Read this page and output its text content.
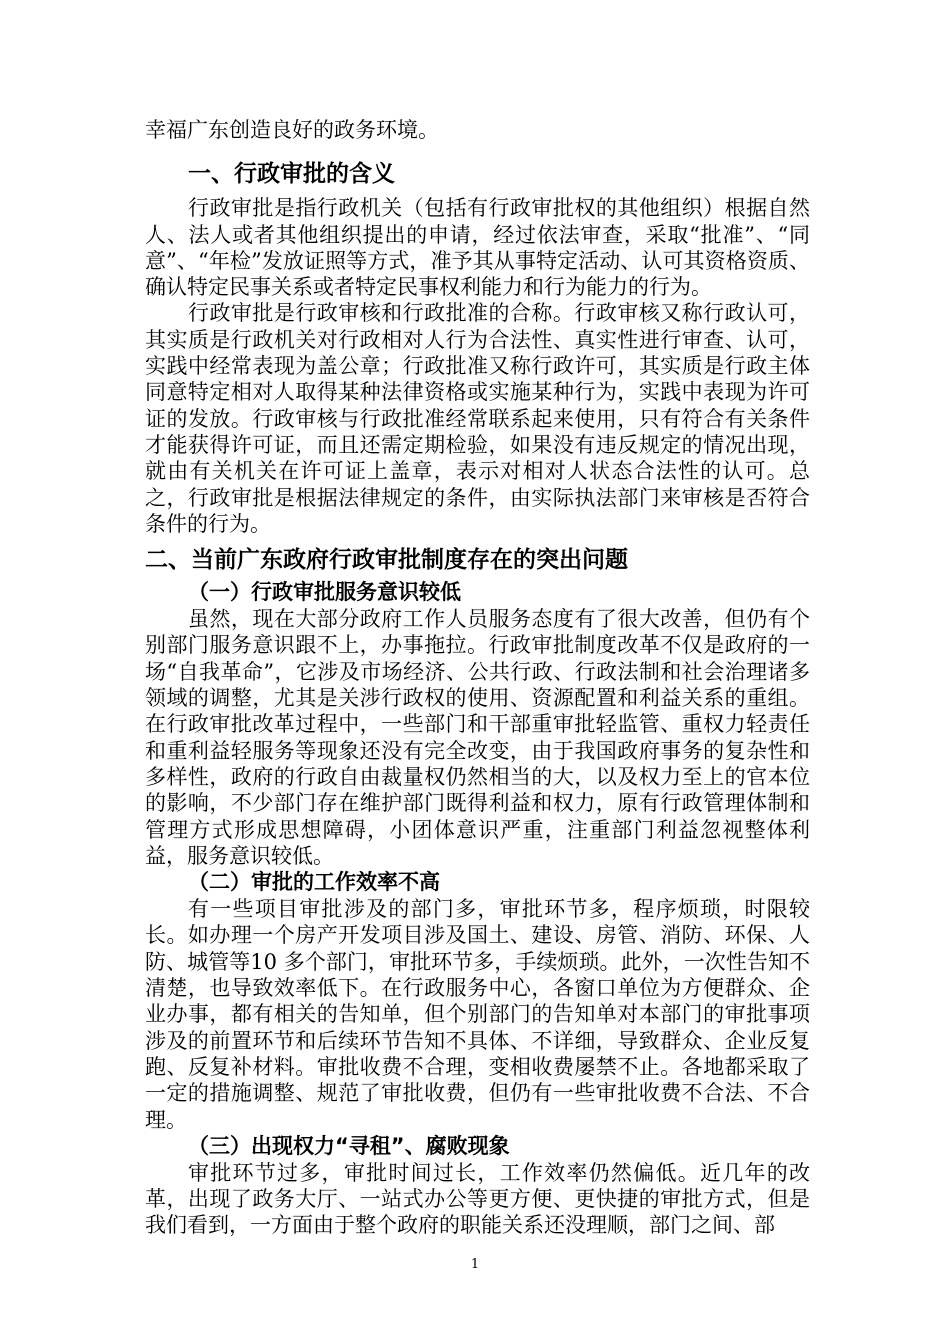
幸福广东创造良好的政务环境。

一、行政审批的含义

行政审批是指行政机关（包括有行政审批权的其他组织）根据自然人、法人或者其他组织提出的申请，经过依法审查，采取“批准”、“同意”、“年检”发放证照等方式，准予其从事特定活动、认可其资格资质、确认特定民事关系或者特定民事权利能力和行为能力的行为。

行政审批是行政审核和行政批准的合称。行政审核又称行政认可，其实质是行政机关对行政相对人行为合法性、真实性进行审查、认可，实践中经常表现为盖公章；行政批准又称行政许可，其实质是行政主体同意特定相对人取得某种法律资格或实施某种行为，实践中表现为许可证的发放。行政审核与行政批准经常联系起来使用，只有符合有关条件才能获得许可证，而且还需定期检验，如果没有违反规定的情况出现，就由有关机关在许可证上盖章，表示对相对人状态合法性的认可。总之，行政审批是根据法律规定的条件，由实际执法部门来审核是否符合条件的行为。

二、当前广东政府行政审批制度存在的突出问题
（一）行政审批服务意识较低

虽然，现在大部分政府工作人员服务态度有了很大改善，但仍有个别部门服务意识跟不上，办事拖拉。行政审批制度改革不仅是政府的一场“自我革命”，它涉及市场经济、公共行政、行政法制和社会治理诸多领域的调整，尤其是关涉行政权的使用、资源配置和利益关系的重组。在行政审批改革过程中，一些部门和干部重审批轻监管、重权力轻责任和重利益轻服务等现象还没有完全改变，由于我国政府事务的复杂性和多样性，政府的行政自由裁量权仍然相当的大，以及权力至上的官本位的影响，不少部门存在维护部门既得利益和权力，原有行政管理体制和管理方式形成思想障碍，小团体意识严重，注重部门利益忽视整体利益，服务意识较低。

（二）审批的工作效率不高

有一些项目审批涉及的部门多，审批环节多，程序烦琐，时限较长。如办理一个房产开发项目涉及国土、建设、房管、消防、环保、人防、城管等10 多个部门，审批环节多，手续烦琐。此外，一次性告知不清楚，也导致效率低下。在行政服务中心，各窗口单位为方便群众、企业办事，都有相关的告知单，但个别部门的告知单对本部门的审批事项涉及的前置环节和后续环节告知不具体、不详细，导致群众、企业反复跑、反复补材料。审批收费不合理，变相收费屡禁不止。各地都采取了一定的措施调整、规范了审批收费，但仍有一些审批收费不合法、不合理。

（三）出现权力“寻租”、腐败现象

审批环节过多，审批时间过长，工作效率仍然偏低。近几年的改革，出现了政务大厅、一站式办公等更方便、更快捷的审批方式，但是我们看到，一方面由于整个政府的职能关系还没理顺，部门之间、部

1
